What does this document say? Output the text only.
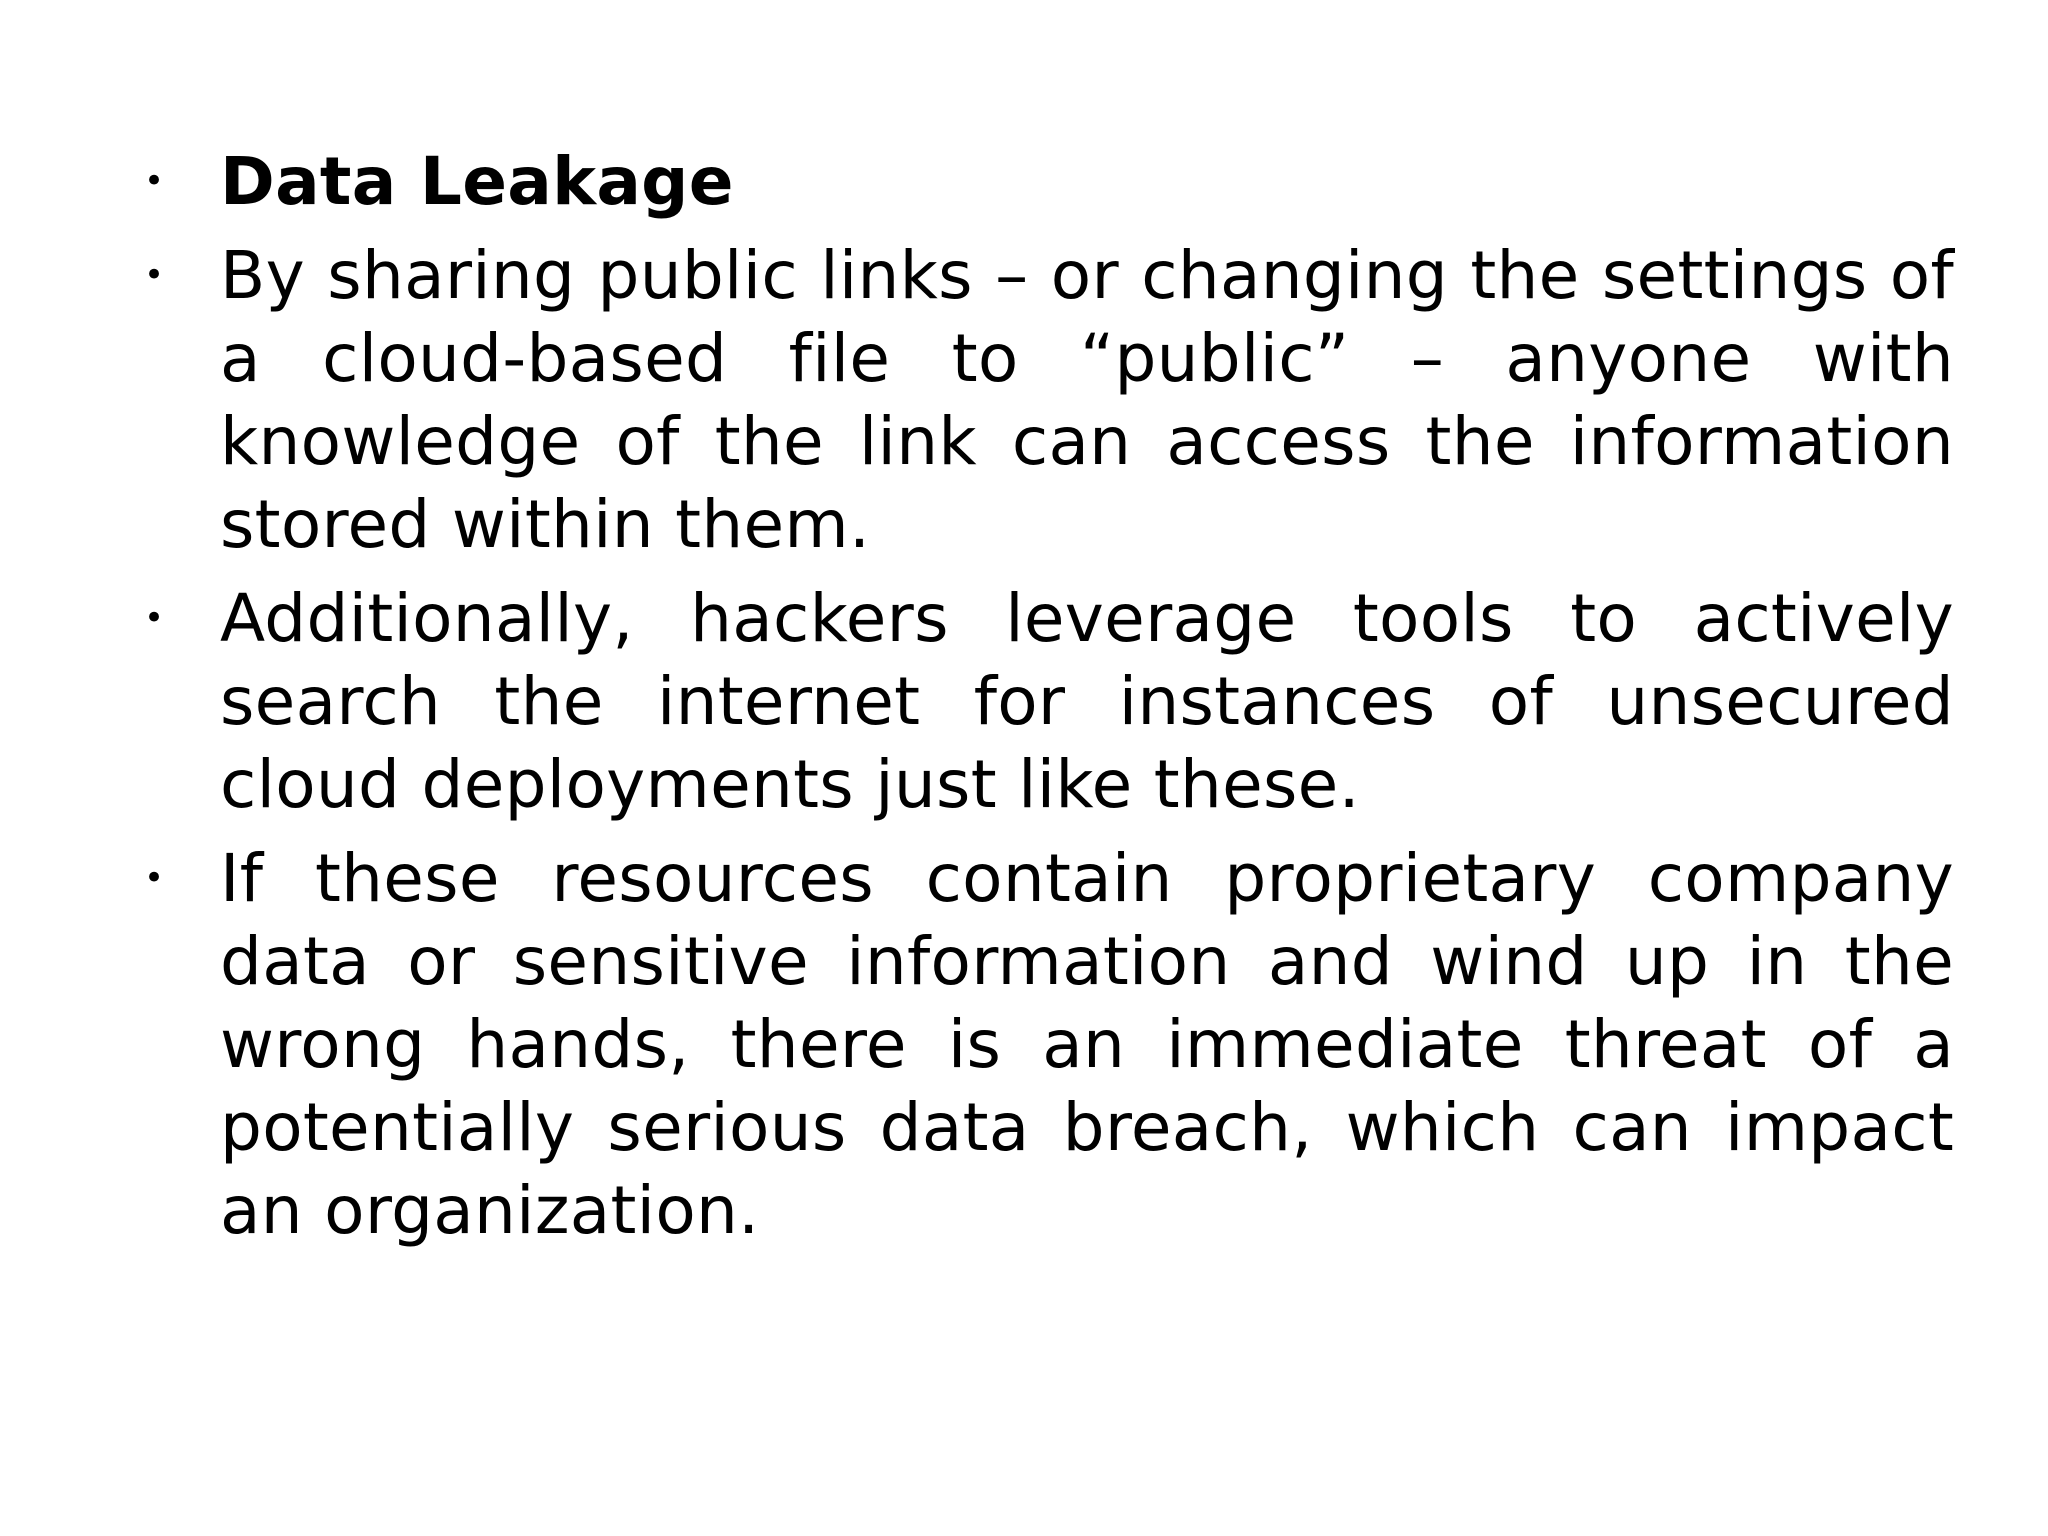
• Data Leakage
• By sharing public links – or changing the settings of a cloud-based file to “public” – anyone with knowledge of the link can access the information stored within them.
• Additionally, hackers leverage tools to actively search the internet for instances of unsecured cloud deployments just like these.
• If these resources contain proprietary company data or sensitive information and wind up in the wrong hands, there is an immediate threat of a potentially serious data breach, which can impact an organization.
